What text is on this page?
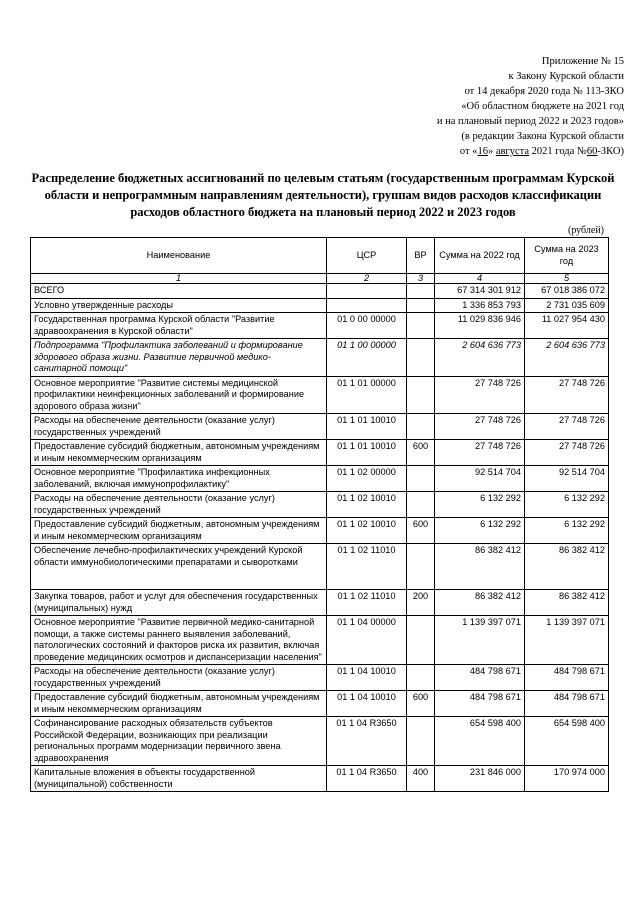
Приложение № 15
к Закону Курской области
от 14 декабря 2020 года № 113-ЗКО
«Об областном бюджете на 2021 год
и на плановый период 2022 и 2023 годов»
(в редакции Закона Курской области
от «16» августа 2021 года №60-ЗКО)
Распределение бюджетных ассигнований по целевым статьям (государственным программам Курской области и непрограммным направлениям деятельности), группам видов расходов классификации расходов областного бюджета на плановый период 2022 и 2023 годов
(рублей)
Наименование	ЦСР	ВР	Сумма на 2022 год	Сумма на 2023 год
1	2	3	4	5
ВСЕГО			67 314 301 912	67 018 386 072
Условно утвержденные расходы			1 336 853 793	2 731 035 609
Государственная программа Курской области "Развитие здравоохранения в Курской области"	01 0 00 00000		11 029 836 946	11 027 954 430
Подпрограмма "Профилактика заболеваний и формирование здорового образа жизни. Развитие первичной медико-санитарной помощи"	01 1 00 00000		2 604 636 773	2 604 636 773
Основное мероприятие "Развитие системы медицинской профилактики неинфекционных заболеваний и формирование здорового образа жизни"	01 1 01 00000		27 748 726	27 748 726
Расходы на обеспечение деятельности (оказание услуг) государственных учреждений	01 1 01 10010		27 748 726	27 748 726
Предоставление субсидий бюджетным, автономным учреждениям и иным некоммерческим организациям	01 1 01 10010	600	27 748 726	27 748 726
Основное мероприятие "Профилактика инфекционных заболеваний, включая иммунопрофилактику"	01 1 02 00000		92 514 704	92 514 704
Расходы на обеспечение деятельности (оказание услуг) государственных учреждений	01 1 02 10010		6 132 292	6 132 292
Предоставление субсидий бюджетным, автономным учреждениям и иным некоммерческим организациям	01 1 02 10010	600	6 132 292	6 132 292
Обеспечение лечебно-профилактических учреждений Курской области иммунобиологическими препаратами и сыворотками	01 1 02 11010		86 382 412	86 382 412
Закупка товаров, работ и услуг для обеспечения государственных (муниципальных) нужд	01 1 02 11010	200	86 382 412	86 382 412
Основное мероприятие "Развитие первичной медико-санитарной помощи, а также системы раннего выявления заболеваний, патологических состояний и факторов риска их развития, включая проведение медицинских осмотров и диспансеризации населения"	01 1 04 00000		1 139 397 071	1 139 397 071
Расходы на обеспечение деятельности (оказание услуг) государственных учреждений	01 1 04 10010		484 798 671	484 798 671
Предоставление субсидий бюджетным, автономным учреждениям и иным некоммерческим организациям	01 1 04 10010	600	484 798 671	484 798 671
Софинансирование расходных обязательств субъектов Российской Федерации, возникающих при реализации региональных программ модернизации первичного звена здравоохранения	01 1 04 R3650		654 598 400	654 598 400
Капитальные вложения в объекты государственной (муниципальной) собственности	01 1 04 R3650	400	231 846 000	170 974 000
